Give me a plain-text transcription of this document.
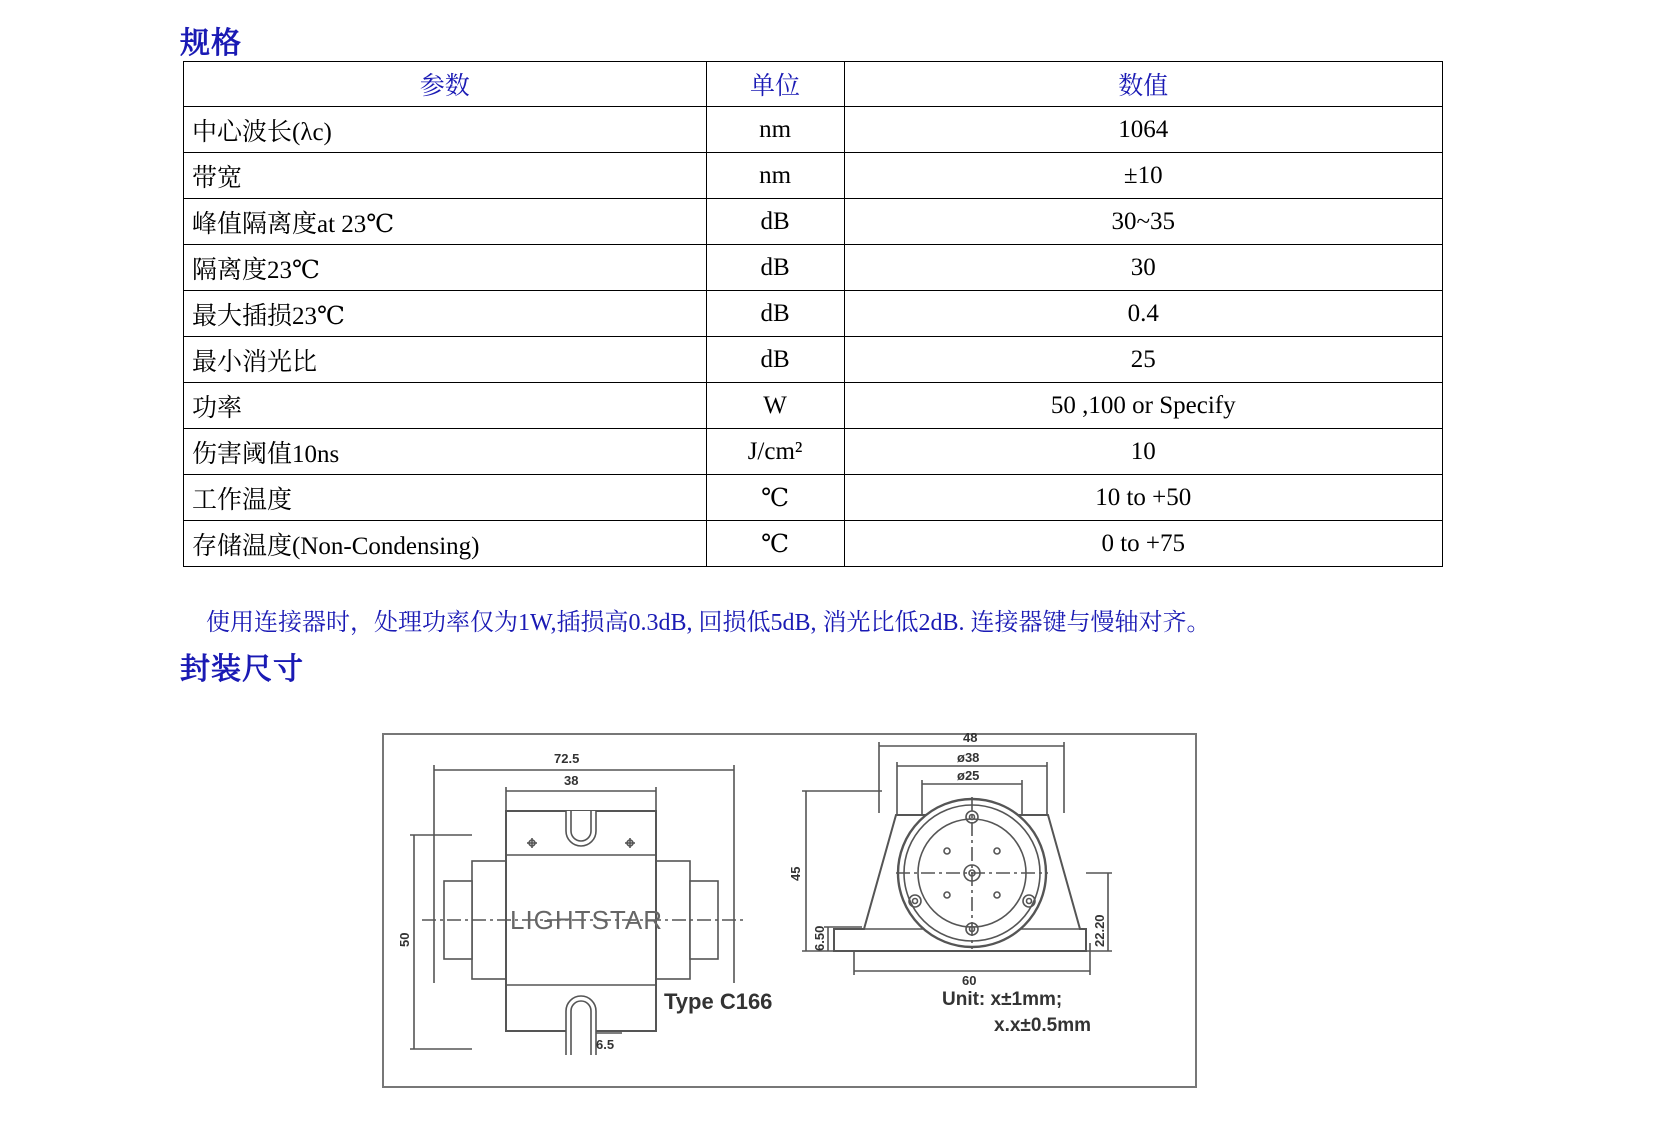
规格
参数	单位	数值
中心波长(λc)	nm	1064
带宽	nm	±10
峰值隔离度at 23℃	dB	30~35
隔离度23℃	dB	30
最大插损23℃	dB	0.4
最小消光比	dB	25
功率	W	50 ,100 or Specify
伤害阈值10ns	J/cm²	10
工作温度	℃	10 to +50
存储温度(Non-Condensing)	℃	0 to +75
使用连接器时，处理功率仅为1W,插损高0.3dB, 回损低5dB, 消光比低2dB. 连接器键与慢轴对齐。
封装尺寸
72.5
38
50
6.5
LIGHTSTAR
Type C166
48
ø38
ø25
45
6.50	22.20
60
Unit: x±1mm;
x.x±0.5mm
